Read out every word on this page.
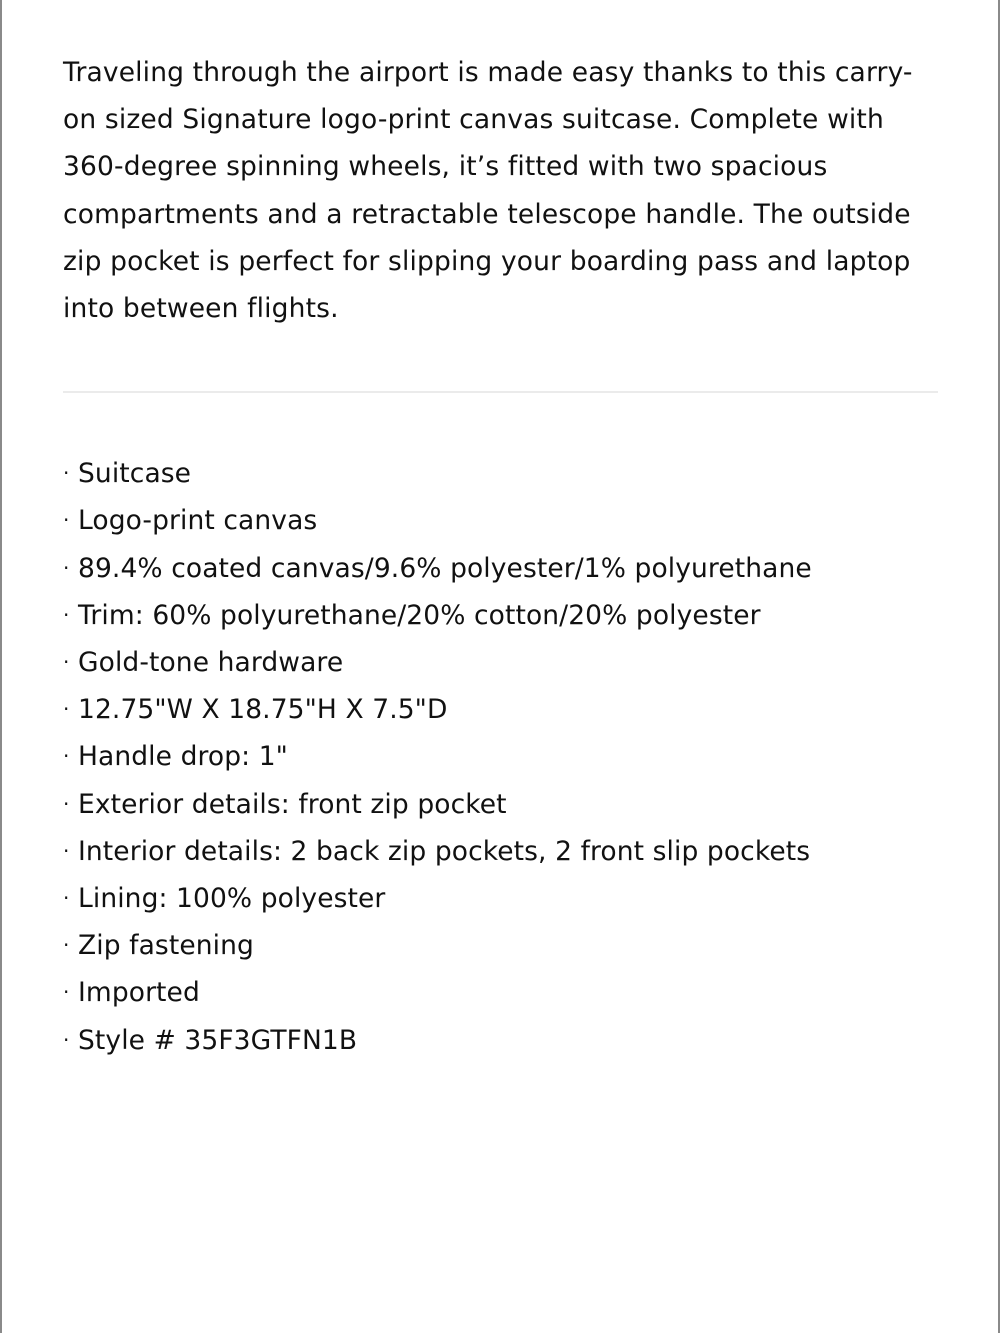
Traveling through the airport is made easy thanks to this carry-on sized Signature logo-print canvas suitcase. Complete with 360-degree spinning wheels, it’s fitted with two spacious compartments and a retractable telescope handle. The outside zip pocket is perfect for slipping your boarding pass and laptop into between flights.

· Suitcase
· Logo-print canvas
· 89.4% coated canvas/9.6% polyester/1% polyurethane
· Trim: 60% polyurethane/20% cotton/20% polyester
· Gold-tone hardware
· 12.75"W X 18.75"H X 7.5"D
· Handle drop: 1"
· Exterior details: front zip pocket
· Interior details: 2 back zip pockets, 2 front slip pockets
· Lining: 100% polyester
· Zip fastening
· Imported
· Style # 35F3GTFN1B
